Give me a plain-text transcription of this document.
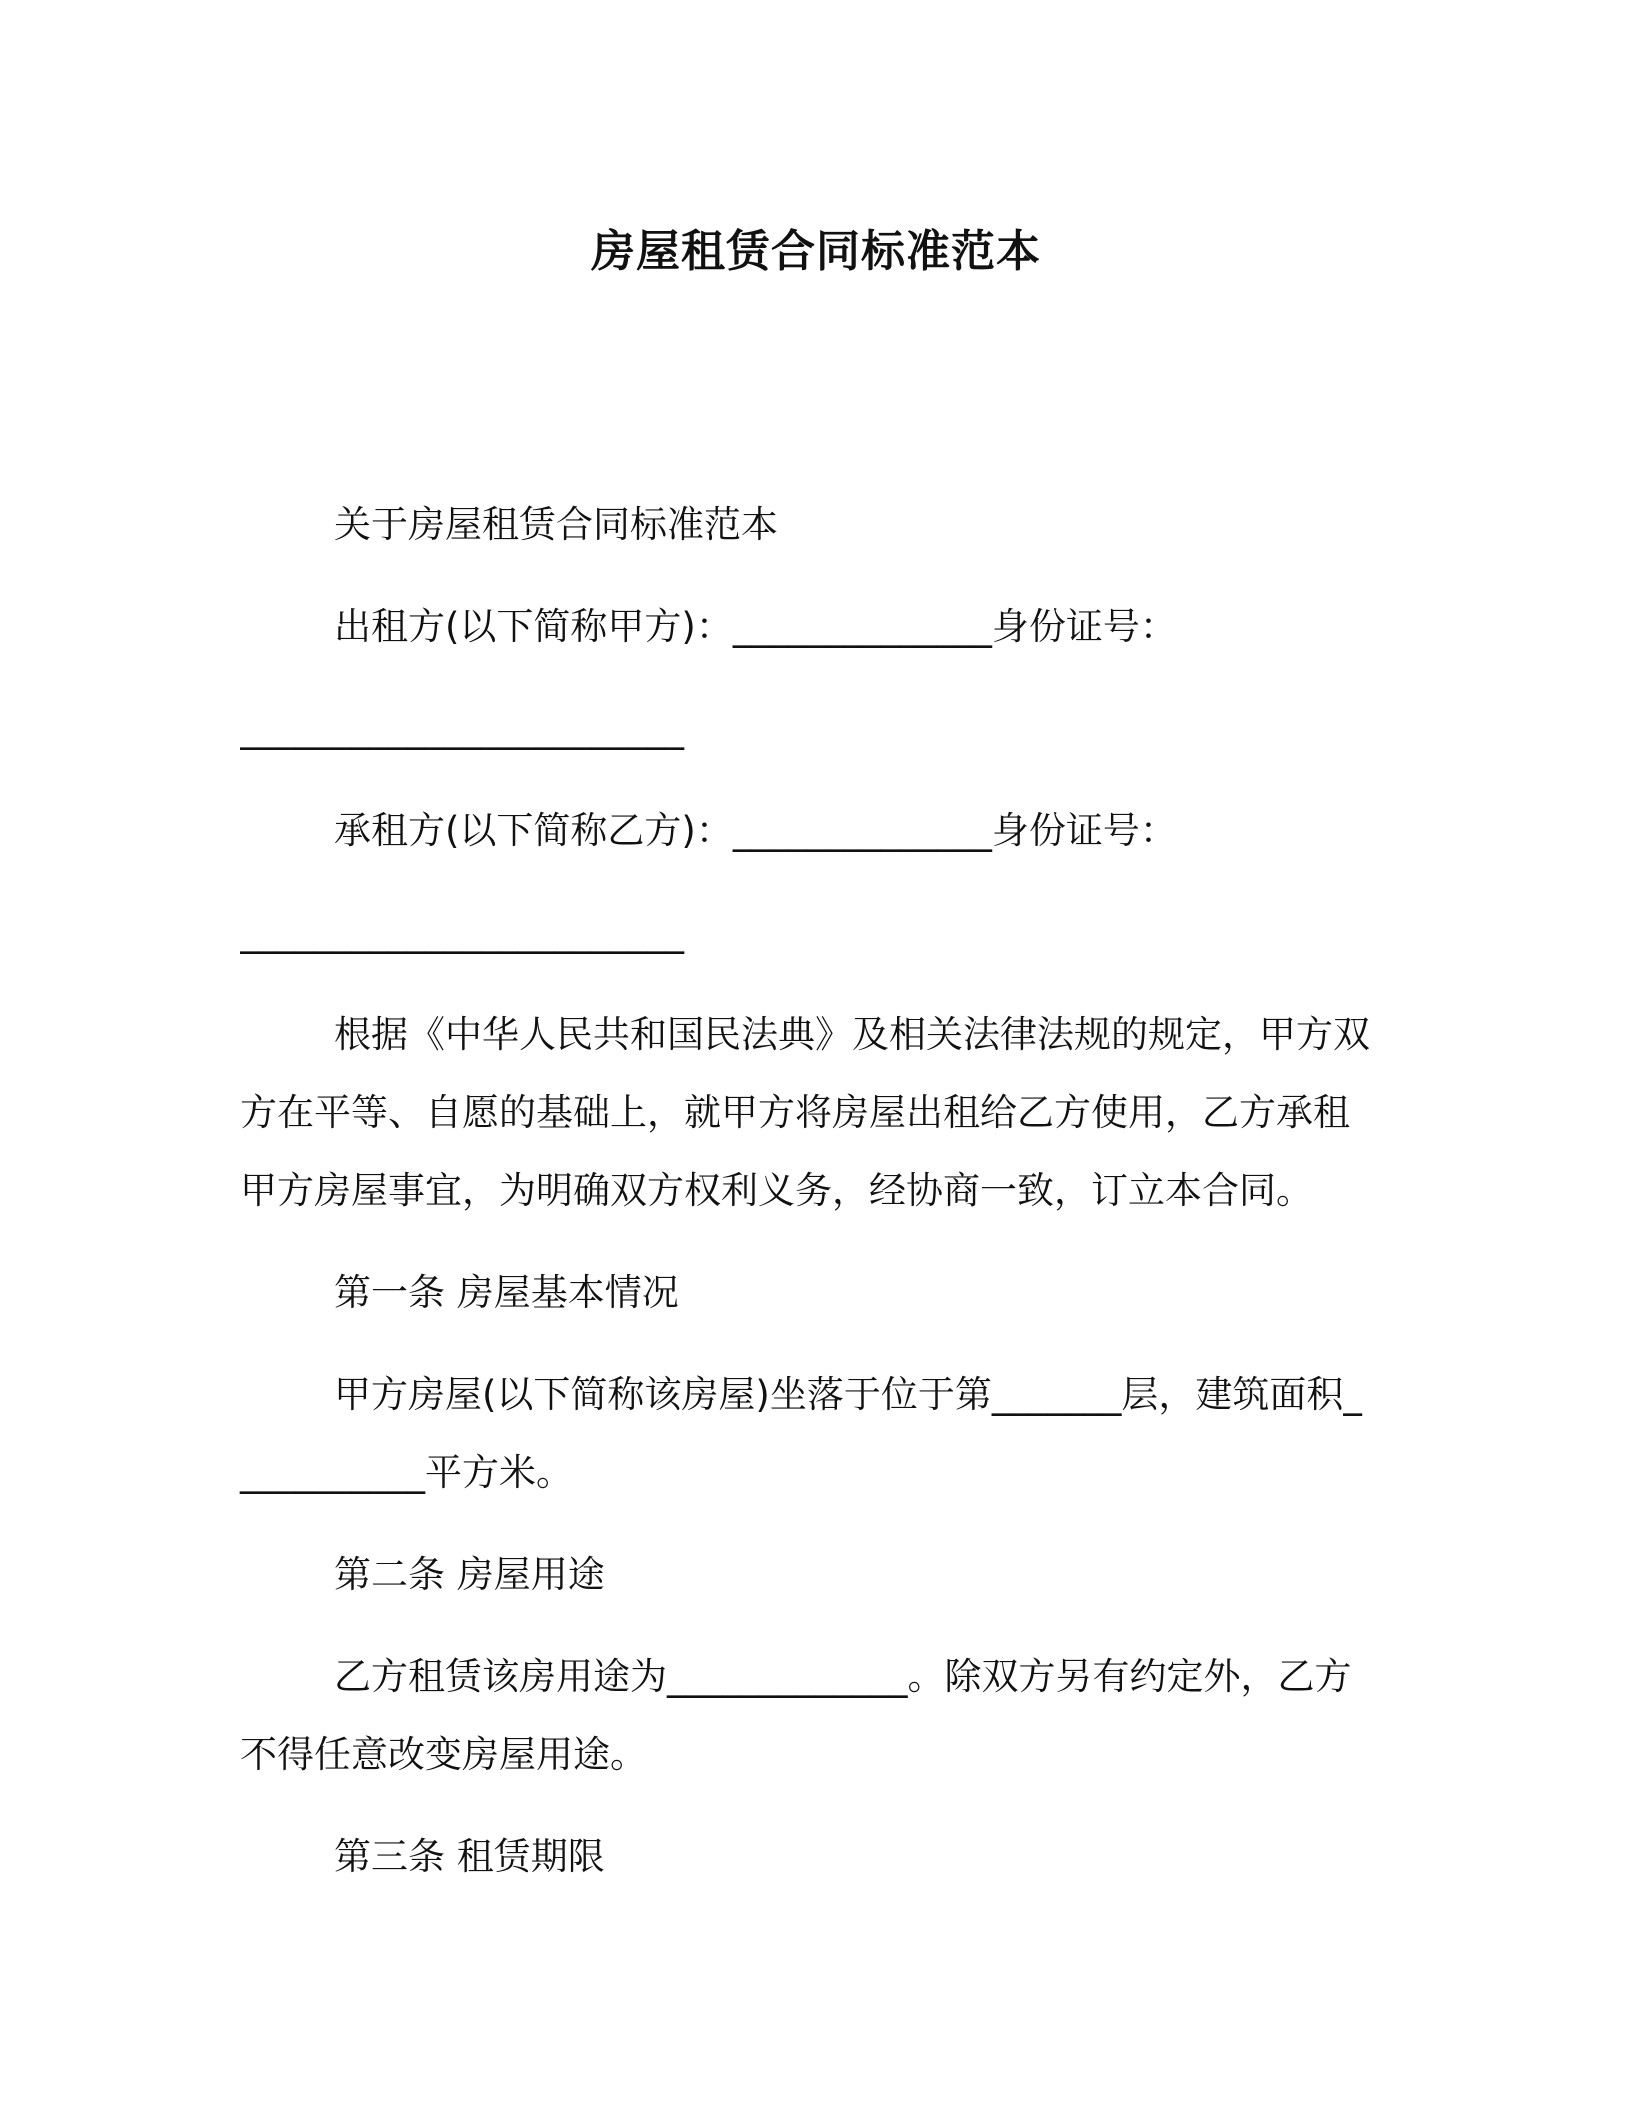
房屋租赁合同标准范本

关于房屋租赁合同标准范本

出租方(以下简称甲方)：______________身份证号：

________________________

承租方(以下简称乙方)：______________身份证号：

________________________

根据《中华人民共和国民法典》及相关法律法规的规定，甲方双方在平等、自愿的基础上，就甲方将房屋出租给乙方使用，乙方承租甲方房屋事宜，为明确双方权利义务，经协商一致，订立本合同。

第一条 房屋基本情况

甲方房屋(以下简称该房屋)坐落于位于第_______层，建筑面积___________平方米。

第二条 房屋用途

乙方租赁该房用途为_____________。除双方另有约定外，乙方不得任意改变房屋用途。

第三条 租赁期限
